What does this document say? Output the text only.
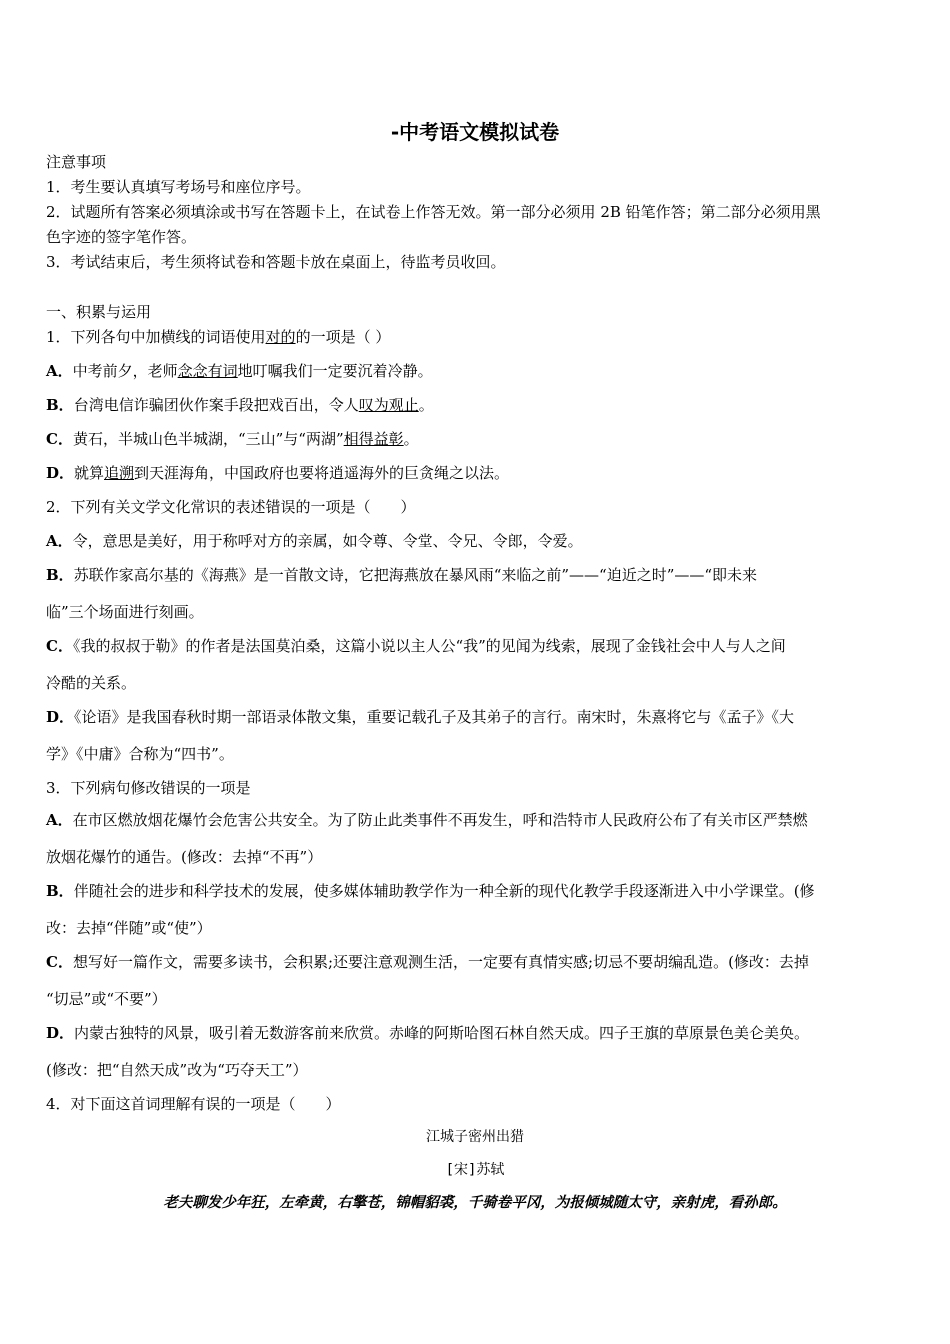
-中考语文模拟试卷
注意事项
1．考生要认真填写考场号和座位序号。
2．试题所有答案必须填涂或书写在答题卡上，在试卷上作答无效。第一部分必须用 2B 铅笔作答；第二部分必须用黑
色字迹的签字笔作答。
3．考试结束后，考生须将试卷和答题卡放在桌面上，待监考员收回。
一、积累与运用
1．下列各句中加横线的词语使用对的的一项是（ ）
A．中考前夕，老师念念有词地叮嘱我们一定要沉着冷静。
B．台湾电信诈骗团伙作案手段把戏百出，令人叹为观止。
C．黄石，半城山色半城湖，“三山”与“两湖”相得益彰。
D．就算追溯到天涯海角，中国政府也要将逍遥海外的巨贪绳之以法。
2．下列有关文学文化常识的表述错误的一项是（　　）
A．令，意思是美好，用于称呼对方的亲属，如令尊、令堂、令兄、令郎，令爱。
B．苏联作家高尔基的《海燕》是一首散文诗，它把海燕放在暴风雨“来临之前”——“迫近之时”——“即未来
临”三个场面进行刻画。
C．《我的叔叔于勒》的作者是法国莫泊桑，这篇小说以主人公“我”的见闻为线索，展现了金钱社会中人与人之间
冷酷的关系。
D．《论语》是我国春秋时期一部语录体散文集，重要记载孔子及其弟子的言行。南宋时，朱熹将它与《孟子》《大
学》《中庸》合称为“四书”。
3．下列病句修改错误的一项是
A．在市区燃放烟花爆竹会危害公共安全。为了防止此类事件不再发生，呼和浩特市人民政府公布了有关市区严禁燃
放烟花爆竹的通告。(修改：去掉“不再”）
B．伴随社会的进步和科学技术的发展，使多媒体辅助教学作为一种全新的现代化教学手段逐渐进入中小学课堂。(修
改：去掉“伴随”或“使”）
C．想写好一篇作文，需要多读书，会积累;还要注意观测生活，一定要有真情实感;切忌不要胡编乱造。(修改：去掉
“切忌”或“不要”）
D．内蒙古独特的风景，吸引着无数游客前来欣赏。赤峰的阿斯哈图石林自然天成。四子王旗的草原景色美仑美奂。
(修改：把“自然天成”改为“巧夺天工”）
4．对下面这首词理解有误的一项是（　　）
江城子密州出猎
[宋]苏轼
老夫聊发少年狂，左牵黄，右擎苍，锦帽貂裘，千骑卷平冈，为报倾城随太守，亲射虎，看孙郎。
